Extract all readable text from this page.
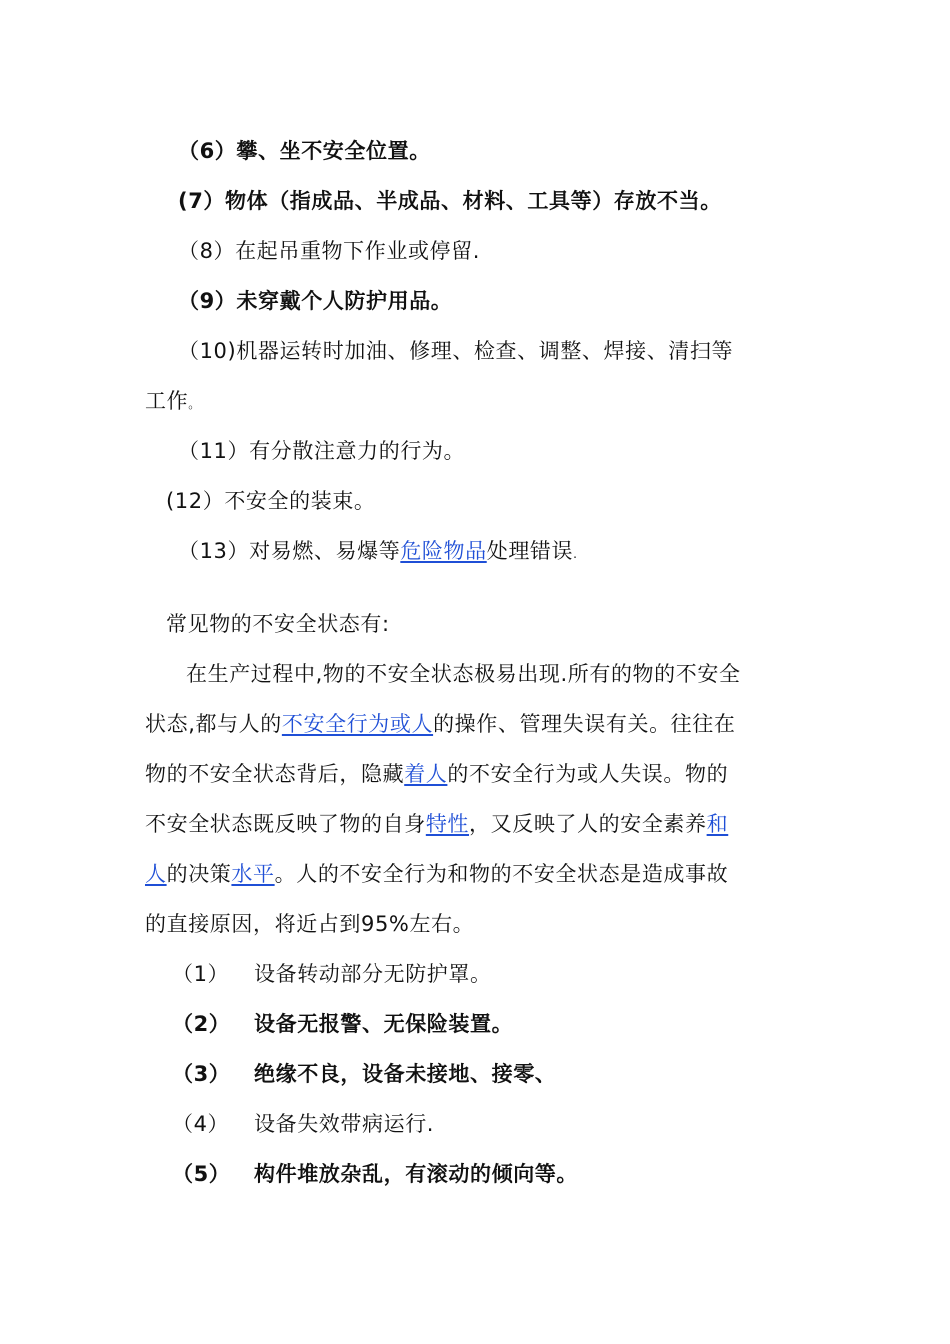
（6）攀、坐不安全位置。
(7）物体（指成品、半成品、材料、工具等）存放不当。
（8）在起吊重物下作业或停留.
（9）未穿戴个人防护用品。
（10)机器运转时加油、修理、检查、调整、焊接、清扫等
工作。
（11）有分散注意力的行为。
(12）不安全的装束。
（13）对易燃、易爆等危险物品处理错误.
常见物的不安全状态有:
在生产过程中,物的不安全状态极易出现.所有的物的不安全
状态,都与人的不安全行为或人的操作、管理失误有关。往往在
物的不安全状态背后，隐藏着人的不安全行为或人失误。物的
不安全状态既反映了物的自身特性，又反映了人的安全素养和
人的决策水平。人的不安全行为和物的不安全状态是造成事故
的直接原因，将近占到95%左右。
（1） 设备转动部分无防护罩。
（2） 设备无报警、无保险装置。
（3） 绝缘不良，设备未接地、接零、
（4） 设备失效带病运行.
（5） 构件堆放杂乱，有滚动的倾向等。
